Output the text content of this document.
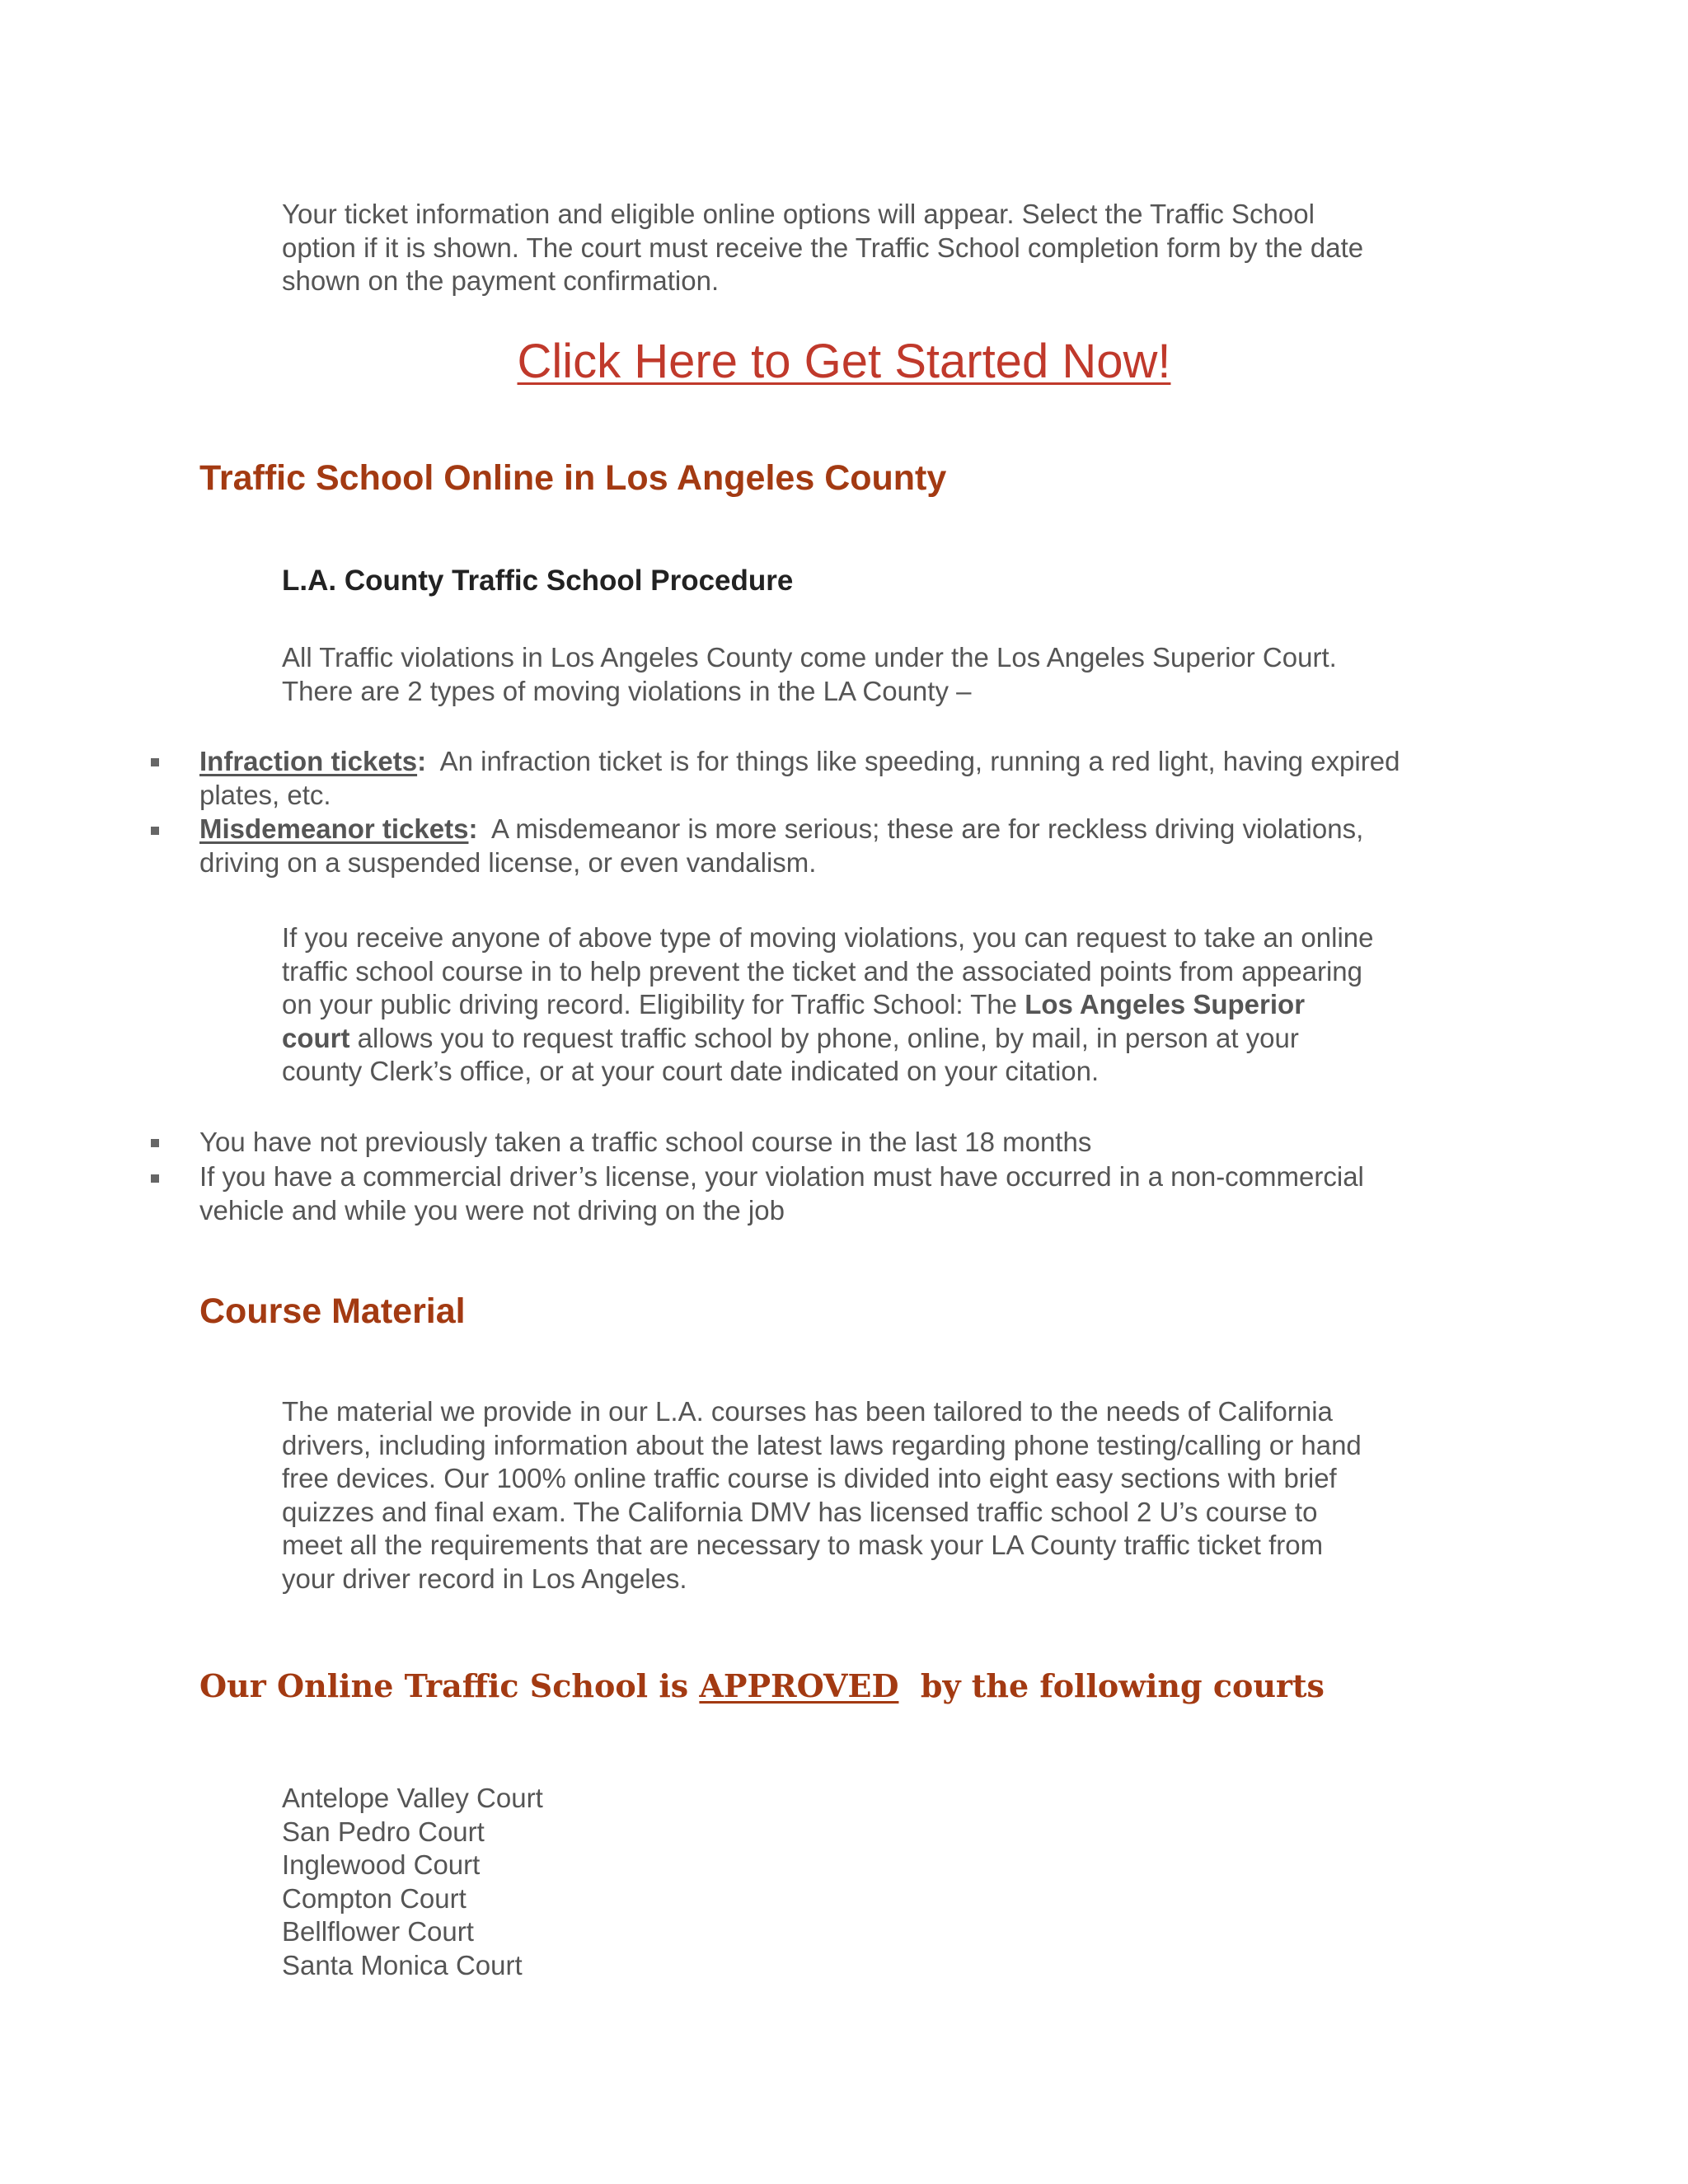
Your ticket information and eligible online options will appear. Select the Traffic School

option if it is shown. The court must receive the Traffic School completion form by the date

shown on the payment confirmation.

Click Here to Get Started Now!
Traffic School Online in Los Angeles County
L.A. County Traffic School Procedure

All Traffic violations in Los Angeles County come under the Los Angeles Superior Court.

There are 2 types of moving violations in the LA County –

Infraction tickets:  An infraction ticket is for things like speeding, running a red light, having expired

plates, etc.

Misdemeanor tickets:  A misdemeanor is more serious; these are for reckless driving violations,

driving on a suspended license, or even vandalism.

If you receive anyone of above type of moving violations, you can request to take an online

traffic school course in to help prevent the ticket and the associated points from appearing

on your public driving record. Eligibility for Traffic School: The Los Angeles Superior

court allows you to request traffic school by phone, online, by mail, in person at your

county Clerk’s office, or at your court date indicated on your citation.

You have not previously taken a traffic school course in the last 18 months

If you have a commercial driver’s license, your violation must have occurred in a non-commercial

vehicle and while you were not driving on the job

Course Material

The material we provide in our L.A. courses has been tailored to the needs of California

drivers, including information about the latest laws regarding phone testing/calling or hand

free devices. Our 100% online traffic course is divided into eight easy sections with brief

quizzes and final exam. The California DMV has licensed traffic school 2 U’s course to

meet all the requirements that are necessary to mask your LA County traffic ticket from

your driver record in Los Angeles.

Our Online Traffic School is APPROVED  by the following courts
Antelope Valley Court
San Pedro Court
Inglewood Court
Compton Court
Bellflower Court
Santa Monica Court
